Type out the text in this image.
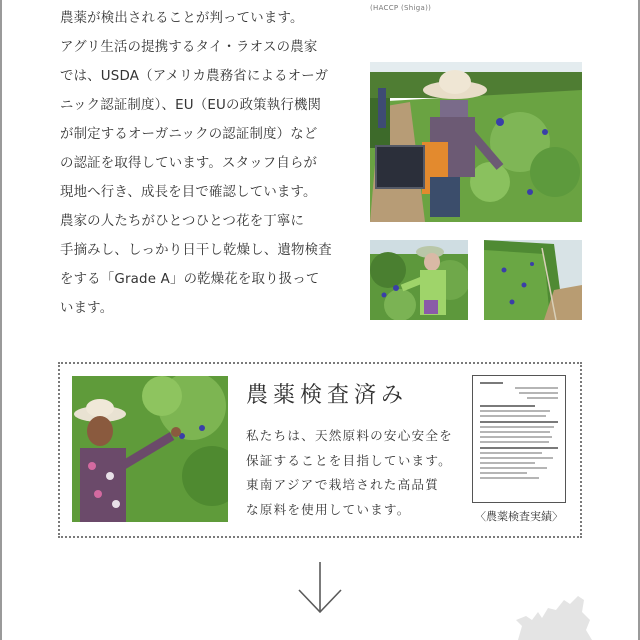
農薬が検出されることが判っています。

アグリ生活の提携するタイ・ラオスの農家

では、USDA（アメリカ農務省によるオーガ

ニック認証制度）、EU（EUの政策執行機関

が制定するオーガニックの認証制度）など

の認証を取得しています。スタッフ自らが

現地へ行き、成長を目で確認しています。

農家の人たちがひとつひとつ花を丁寧に

手摘みし、しっかり日干し乾燥し、遺物検査

をする「Grade A」の乾燥花を取り扱って

います。

(HACCP (Shiga))
農薬検査済み

私たちは、天然原料の安心安全を

保証することを目指しています。

東南アジアで栽培された高品質

な原料を使用しています。	〈農薬検査実績〉
